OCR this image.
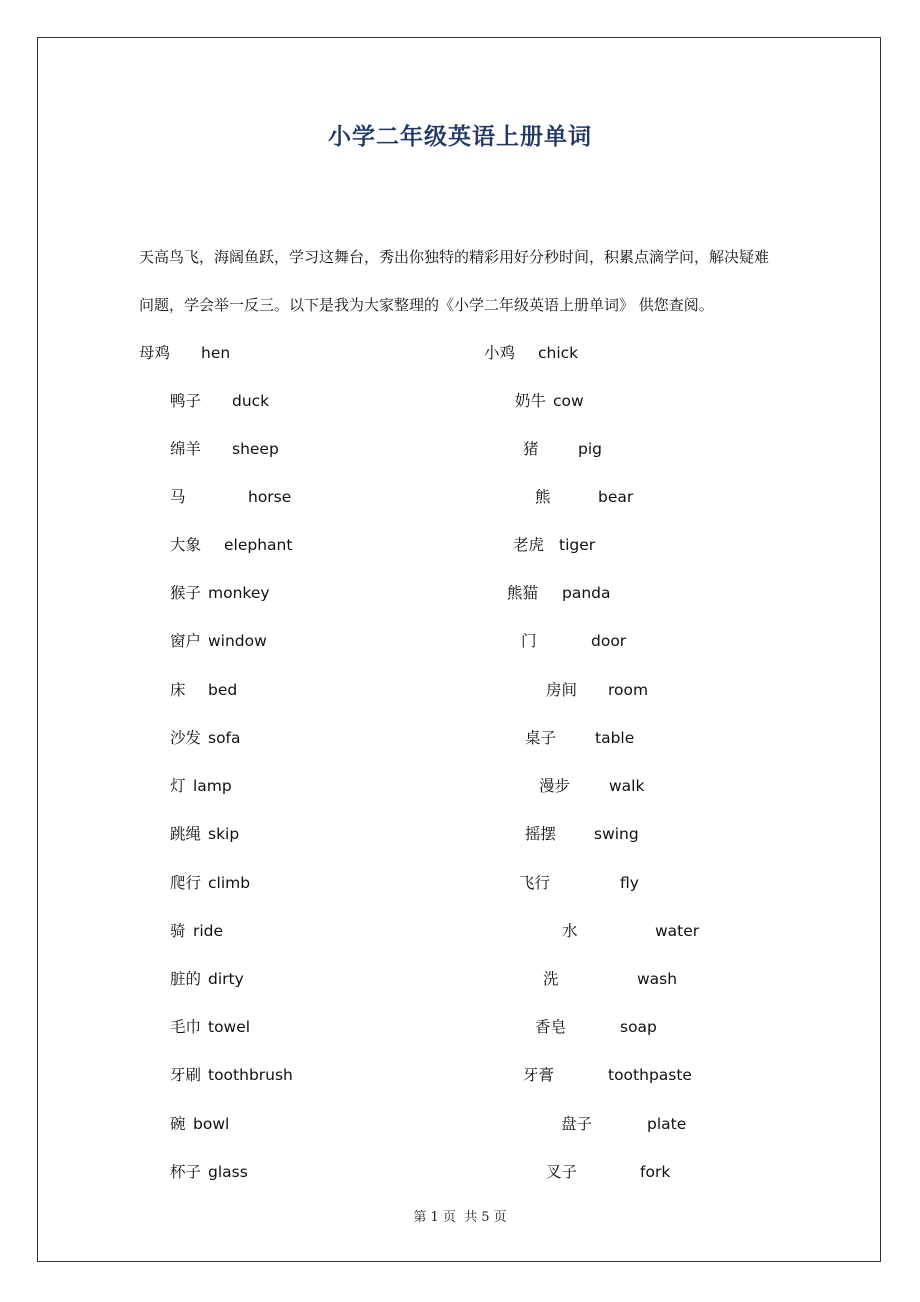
小学二年级英语上册单词
天高鸟飞，海阔鱼跃，学习这舞台，秀出你独特的精彩用好分秒时间，积累点滴学问，解决疑难
问题，学会举一反三。以下是我为大家整理的《小学二年级英语上册单词》 供您查阅。
母鸡 hen	小鸡 chick
鸭子 duck	奶牛 cow
绵羊 sheep	猪	pig
马	horse	熊	bear
大象 elephant	老虎 tiger
猴子 monkey	熊猫 panda
窗户 window	门	door
床 bed	房间 room
沙发 sofa	桌子	table
灯 lamp	漫步	walk
跳绳 skip	摇摆 swing
爬行 climb	飞行	fly
骑 ride	水	water
脏的 dirty	洗	wash
毛巾 towel	香皂	soap
牙刷 toothbrush	牙膏	toothpaste
碗 bowl	盘子	plate
杯子 glass	叉子	fork
第 1 页 共 5 页
